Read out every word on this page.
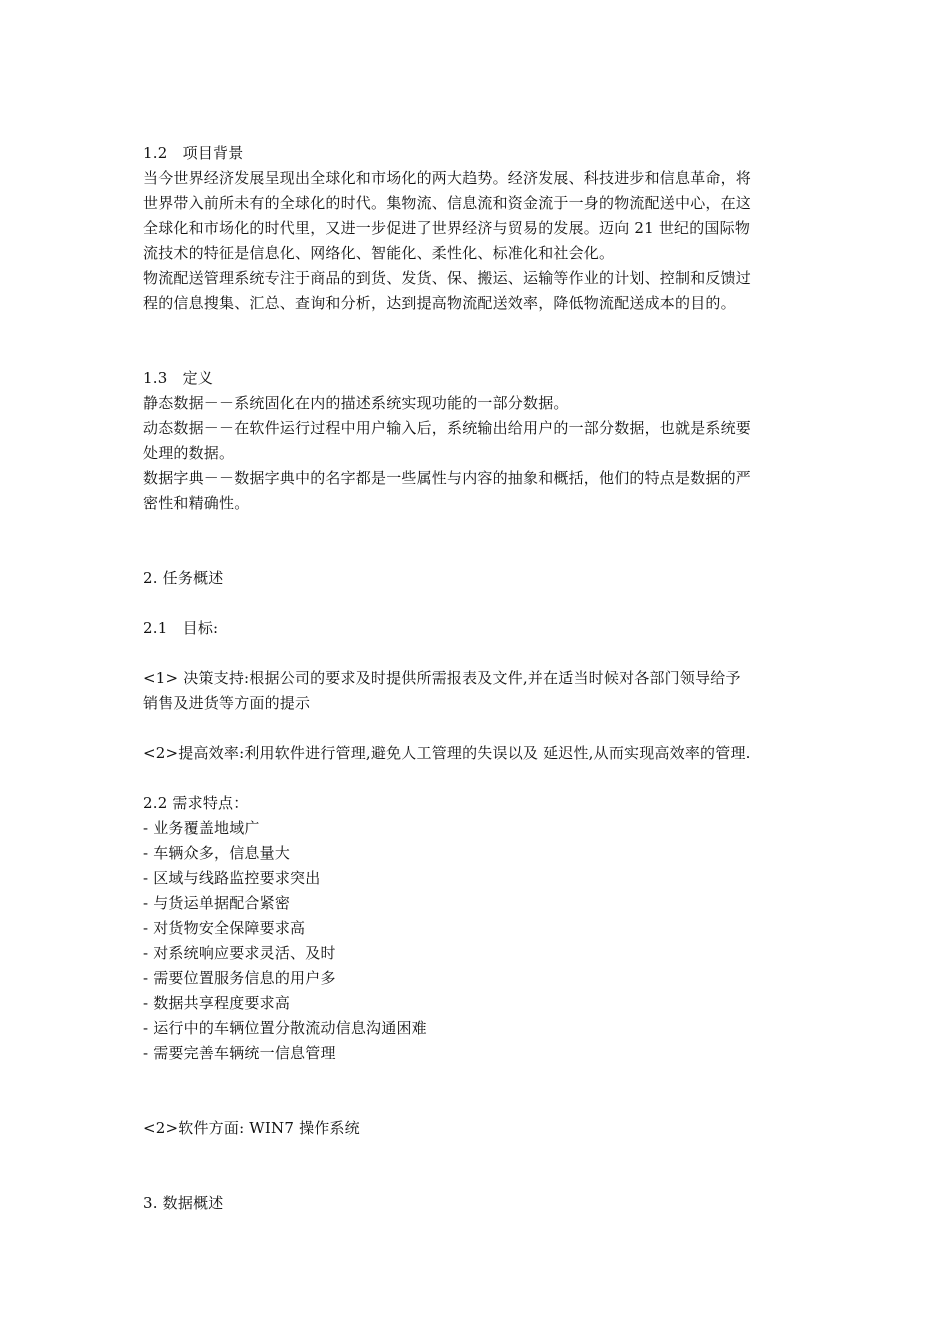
1.2　项目背景
当今世界经济发展呈现出全球化和市场化的两大趋势。经济发展、科技进步和信息革命，将
世界带入前所未有的全球化的时代。集物流、信息流和资金流于一身的物流配送中心，在这
全球化和市场化的时代里，又进一步促进了世界经济与贸易的发展。迈向 21 世纪的国际物
流技术的特征是信息化、网络化、智能化、柔性化、标准化和社会化。
物流配送管理系统专注于商品的到货、发货、保、搬运、运输等作业的计划、控制和反馈过
程的信息搜集、汇总、查询和分析，达到提高物流配送效率，降低物流配送成本的目的。
1.3　定义
静态数据－－系统固化在内的描述系统实现功能的一部分数据。
动态数据－－在软件运行过程中用户输入后，系统输出给用户的一部分数据，也就是系统要
处理的数据。
数据字典－－数据字典中的名字都是一些属性与内容的抽象和概括，他们的特点是数据的严
密性和精确性。
2. 任务概述
2.1　目标:
<1> 决策支持:根据公司的要求及时提供所需报表及文件,并在适当时候对各部门领导给予
销售及进货等方面的提示
<2>提高效率:利用软件进行管理,避免人工管理的失误以及 延迟性,从而实现高效率的管理.
2.2 需求特点：
- 业务覆盖地域广
- 车辆众多，信息量大
- 区域与线路监控要求突出
- 与货运单据配合紧密
- 对货物安全保障要求高
- 对系统响应要求灵活、及时
- 需要位置服务信息的用户多
- 数据共享程度要求高
- 运行中的车辆位置分散流动信息沟通困难
- 需要完善车辆统一信息管理
<2>软件方面: WIN7 操作系统
3. 数据概述
